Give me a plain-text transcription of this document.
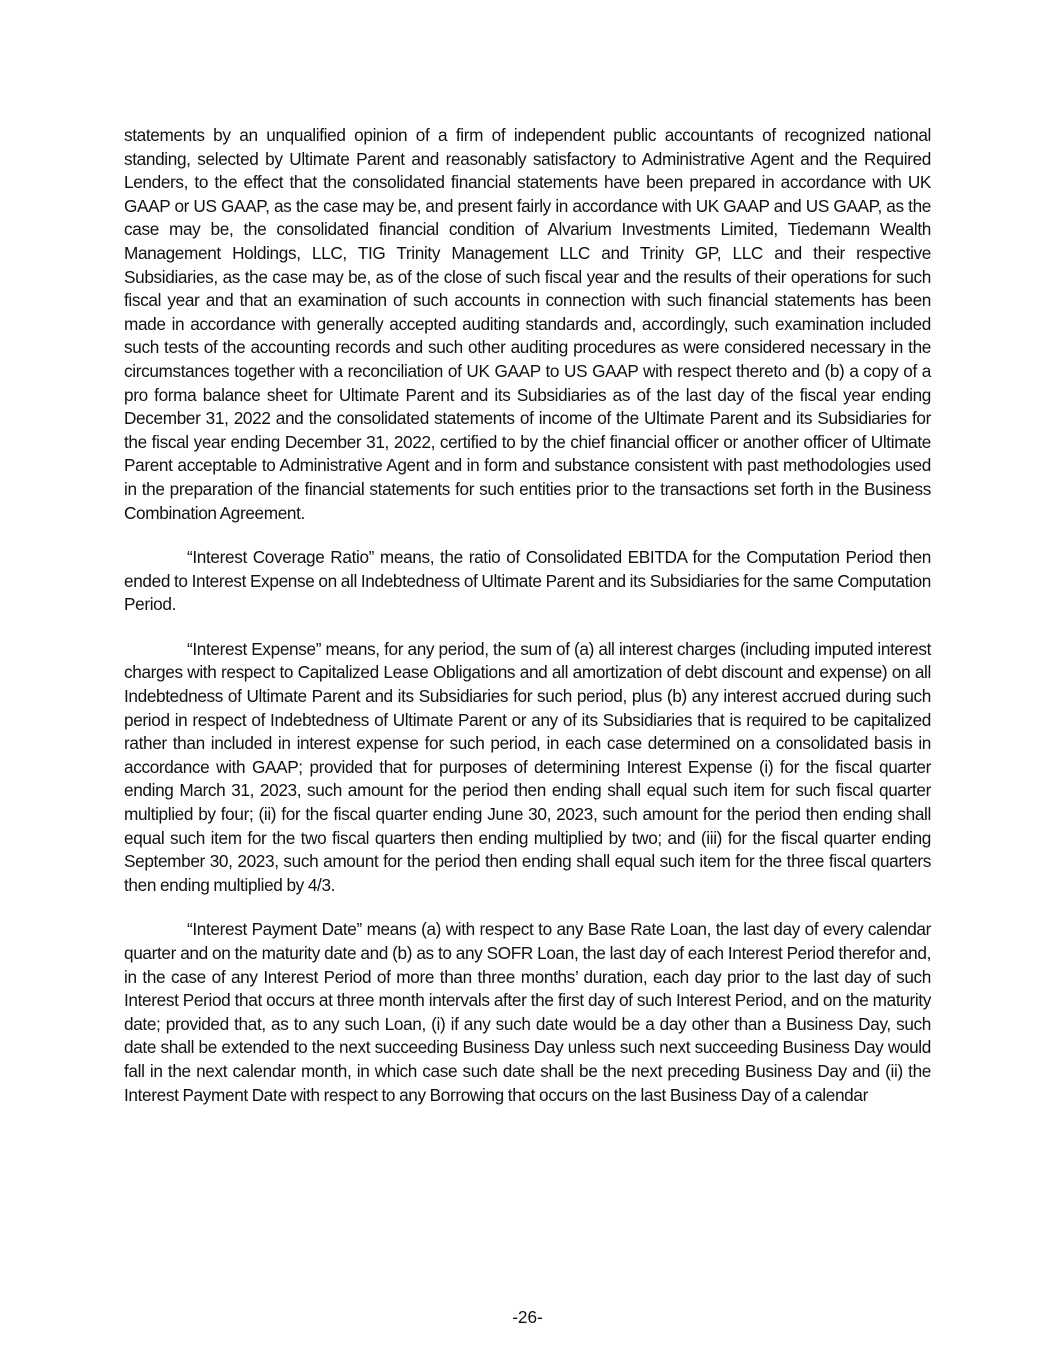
statements by an unqualified opinion of a firm of independent public accountants of recognized national standing, selected by Ultimate Parent and reasonably satisfactory to Administrative Agent and the Required Lenders, to the effect that the consolidated financial statements have been prepared in accordance with UK GAAP or US GAAP, as the case may be, and present fairly in accordance with UK GAAP and US GAAP, as the case may be, the consolidated financial condition of Alvarium Investments Limited, Tiedemann Wealth Management Holdings, LLC, TIG Trinity Management LLC and Trinity GP, LLC and their respective Subsidiaries, as the case may be, as of the close of such fiscal year and the results of their operations for such fiscal year and that an examination of such accounts in connection with such financial statements has been made in accordance with generally accepted auditing standards and, accordingly, such examination included such tests of the accounting records and such other auditing procedures as were considered necessary in the circumstances together with a reconciliation of UK GAAP to US GAAP with respect thereto and (b) a copy of a pro forma balance sheet for Ultimate Parent and its Subsidiaries as of the last day of the fiscal year ending December 31, 2022 and the consolidated statements of income of the Ultimate Parent and its Subsidiaries for the fiscal year ending December 31, 2022, certified to by the chief financial officer or another officer of Ultimate Parent acceptable to Administrative Agent and in form and substance consistent with past methodologies used in the preparation of the financial statements for such entities prior to the transactions set forth in the Business Combination Agreement.

“Interest Coverage Ratio” means, the ratio of Consolidated EBITDA for the Computation Period then ended to Interest Expense on all Indebtedness of Ultimate Parent and its Subsidiaries for the same Computation Period.

“Interest Expense” means, for any period, the sum of (a) all interest charges (including imputed interest charges with respect to Capitalized Lease Obligations and all amortization of debt discount and expense) on all Indebtedness of Ultimate Parent and its Subsidiaries for such period, plus (b) any interest accrued during such period in respect of Indebtedness of Ultimate Parent or any of its Subsidiaries that is required to be capitalized rather than included in interest expense for such period, in each case determined on a consolidated basis in accordance with GAAP; provided that for purposes of determining Interest Expense (i) for the fiscal quarter ending March 31, 2023, such amount for the period then ending shall equal such item for such fiscal quarter multiplied by four; (ii) for the fiscal quarter ending June 30, 2023, such amount for the period then ending shall equal such item for the two fiscal quarters then ending multiplied by two; and (iii) for the fiscal quarter ending September 30, 2023, such amount for the period then ending shall equal such item for the three fiscal quarters then ending multiplied by 4/3.

“Interest Payment Date” means (a) with respect to any Base Rate Loan, the last day of every calendar quarter and on the maturity date and (b) as to any SOFR Loan, the last day of each Interest Period therefor and, in the case of any Interest Period of more than three months’ duration, each day prior to the last day of such Interest Period that occurs at three month intervals after the first day of such Interest Period, and on the maturity date; provided that, as to any such Loan, (i) if any such date would be a day other than a Business Day, such date shall be extended to the next succeeding Business Day unless such next succeeding Business Day would fall in the next calendar month, in which case such date shall be the next preceding Business Day and (ii) the Interest Payment Date with respect to any Borrowing that occurs on the last Business Day of a calendar

-26-
